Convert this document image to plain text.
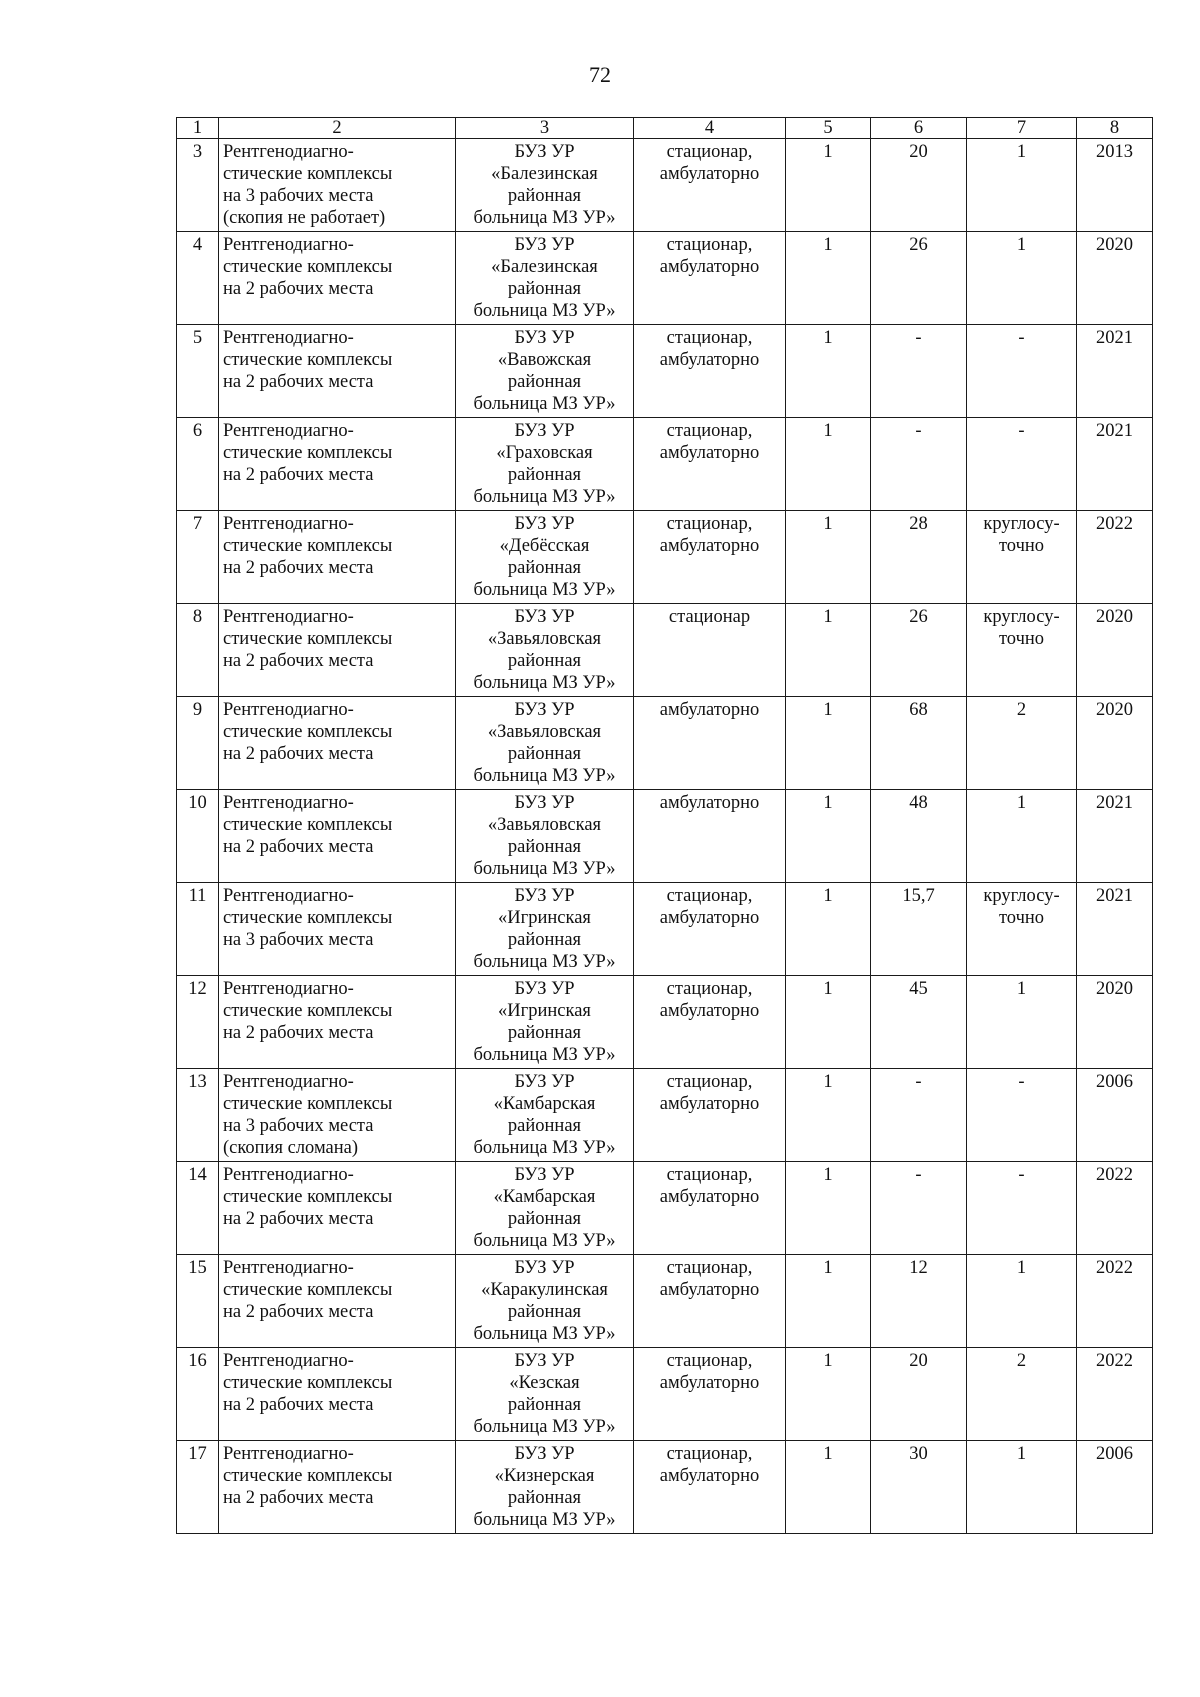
72
1	2	3	4	5	6	7	8

3	Рентгенодиагно-
стические комплексы
на 3 рабочих места
(скопия не работает)	БУЗ УР
«Балезинская
районная
больница МЗ УР»	стационар,
амбулаторно	1	20	1	2013

4	Рентгенодиагно-
стические комплексы
на 2 рабочих места	БУЗ УР
«Балезинская
районная
больница МЗ УР»	стационар,
амбулаторно	1	26	1	2020

5	Рентгенодиагно-
стические комплексы
на 2 рабочих места	БУЗ УР
«Вавожская
районная
больница МЗ УР»	стационар,
амбулаторно	1	-	-	2021

6	Рентгенодиагно-
стические комплексы
на 2 рабочих места	БУЗ УР
«Граховская
районная
больница МЗ УР»	стационар,
амбулаторно	1	-	-	2021

7	Рентгенодиагно-
стические комплексы
на 2 рабочих места	БУЗ УР
«Дебёсская
районная
больница МЗ УР»	стационар,
амбулаторно	1	28	круглосу-
точно	2022

8	Рентгенодиагно-
стические комплексы
на 2 рабочих места	БУЗ УР
«Завьяловская
районная
больница МЗ УР»	стационар	1	26	круглосу-
точно	2020

9	Рентгенодиагно-
стические комплексы
на 2 рабочих места	БУЗ УР
«Завьяловская
районная
больница МЗ УР»	амбулаторно	1	68	2	2020

10	Рентгенодиагно-
стические комплексы
на 2 рабочих места	БУЗ УР
«Завьяловская
районная
больница МЗ УР»	амбулаторно	1	48	1	2021

11	Рентгенодиагно-
стические комплексы
на 3 рабочих места	БУЗ УР
«Игринская
районная
больница МЗ УР»	стационар,
амбулаторно	1	15,7	круглосу-
точно	2021

12	Рентгенодиагно-
стические комплексы
на 2 рабочих места	БУЗ УР
«Игринская
районная
больница МЗ УР»	стационар,
амбулаторно	1	45	1	2020

13	Рентгенодиагно-
стические комплексы
на 3 рабочих места
(скопия сломана)	БУЗ УР
«Камбарская
районная
больница МЗ УР»	стационар,
амбулаторно	1	-	-	2006

14	Рентгенодиагно-
стические комплексы
на 2 рабочих места	БУЗ УР
«Камбарская
районная
больница МЗ УР»	стационар,
амбулаторно	1	-	-	2022

15	Рентгенодиагно-
стические комплексы
на 2 рабочих места	БУЗ УР
«Каракулинская
районная
больница МЗ УР»	стационар,
амбулаторно	1	12	1	2022

16	Рентгенодиагно-
стические комплексы
на 2 рабочих места	БУЗ УР
«Кезская
районная
больница МЗ УР»	стационар,
амбулаторно	1	20	2	2022

17	Рентгенодиагно-
стические комплексы
на 2 рабочих места	БУЗ УР
«Кизнерская
районная
больница МЗ УР»	стационар,
амбулаторно	1	30	1	2006
